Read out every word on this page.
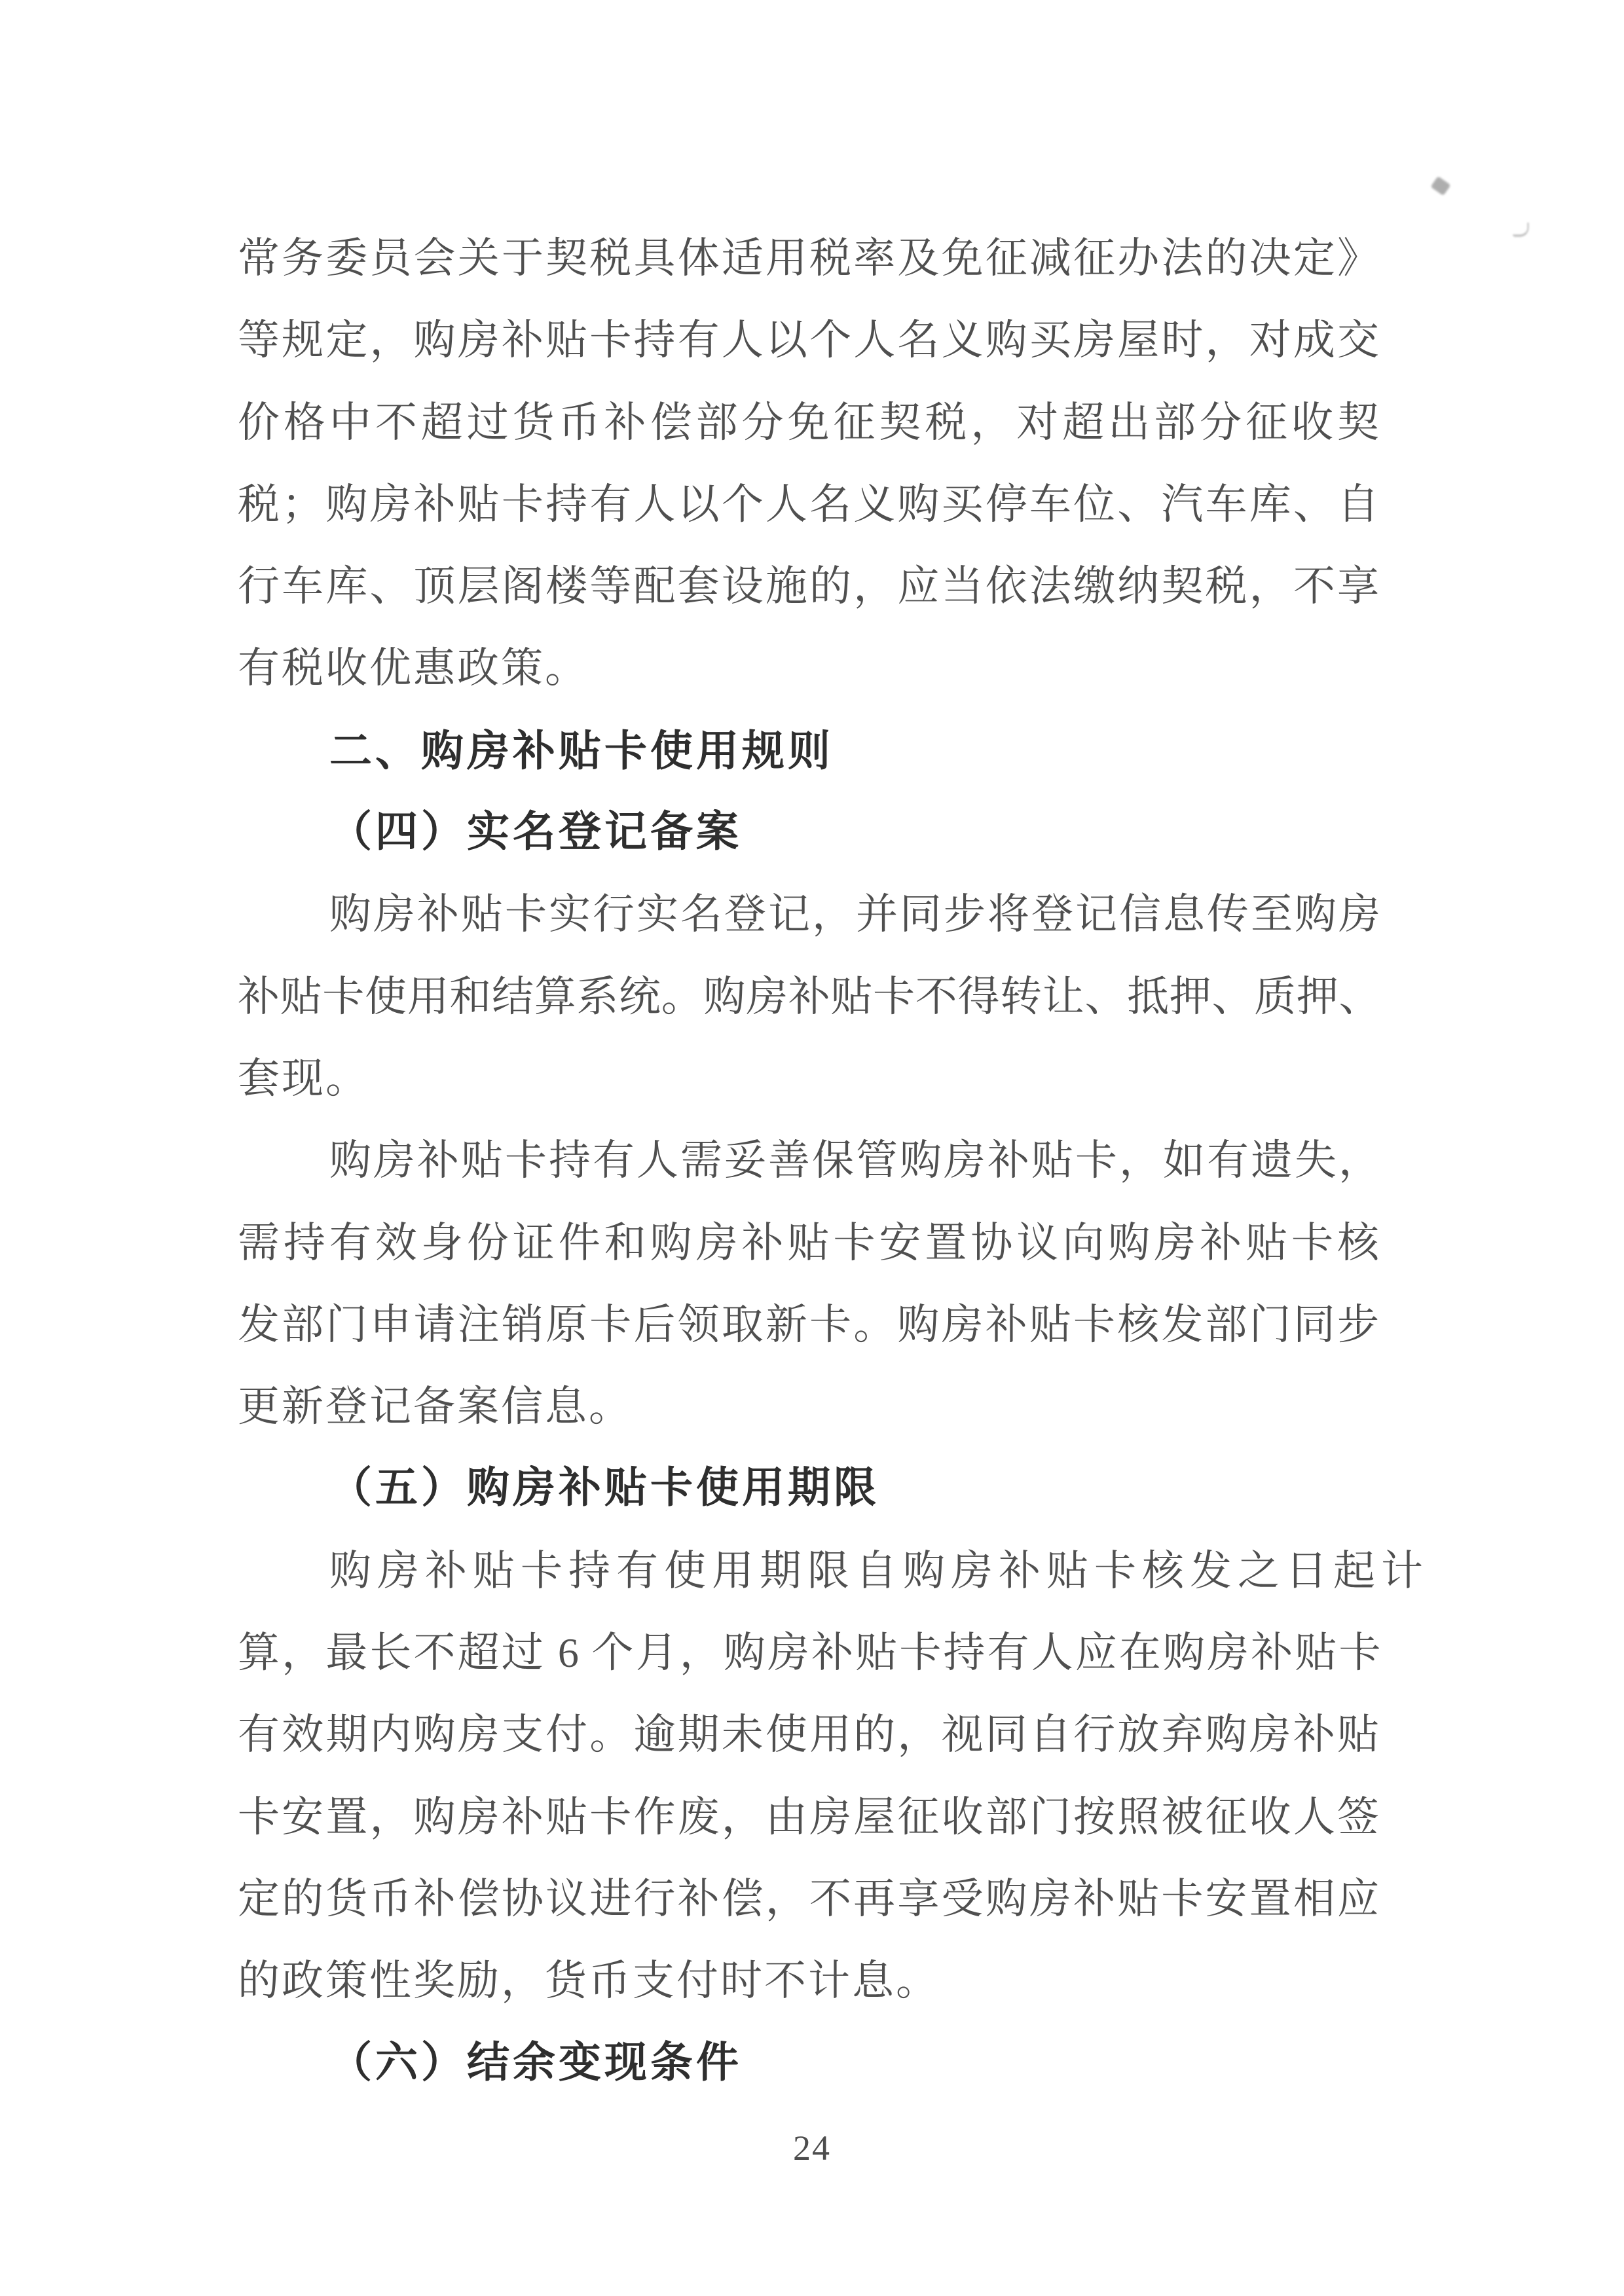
常务委员会关于契税具体适用税率及免征减征办法的决定》
等规定，购房补贴卡持有人以个人名义购买房屋时，对成交
价格中不超过货币补偿部分免征契税，对超出部分征收契
税；购房补贴卡持有人以个人名义购买停车位、汽车库、自
行车库、顶层阁楼等配套设施的，应当依法缴纳契税，不享
有税收优惠政策。
二、购房补贴卡使用规则
（四）实名登记备案
购房补贴卡实行实名登记，并同步将登记信息传至购房
补贴卡使用和结算系统。购房补贴卡不得转让、抵押、质押、
套现。
购房补贴卡持有人需妥善保管购房补贴卡，如有遗失，
需持有效身份证件和购房补贴卡安置协议向购房补贴卡核
发部门申请注销原卡后领取新卡。购房补贴卡核发部门同步
更新登记备案信息。
（五）购房补贴卡使用期限
购房补贴卡持有使用期限自购房补贴卡核发之日起计
算，最长不超过 6 个月，购房补贴卡持有人应在购房补贴卡
有效期内购房支付。逾期未使用的，视同自行放弃购房补贴
卡安置，购房补贴卡作废，由房屋征收部门按照被征收人签
定的货币补偿协议进行补偿，不再享受购房补贴卡安置相应
的政策性奖励，货币支付时不计息。
（六）结余变现条件
24
